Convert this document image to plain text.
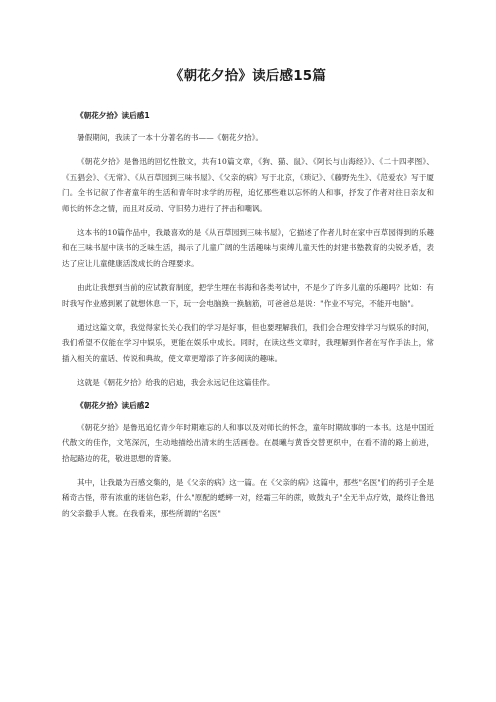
《朝花夕拾》读后感15篇
《朝花夕拾》读后感1

暑假期间，我读了一本十分著名的书——《朝花夕拾》。

《朝花夕拾》是鲁迅的回忆性散文，共有10篇文章，《狗、猫、鼠》、《阿长与山海经》》、《二十四孝图》、《五猖会》、《无常》、《从百草园到三味书屋》、《父亲的病》写于北京，《琐记》、《藤野先生》、《范爱农》写于厦门。全书记叙了作者童年的生活和青年时求学的历程，追忆那些难以忘怀的人和事，抒发了作者对往日亲友和师长的怀念之情，而且对反动、守旧势力进行了抨击和嘲讽。

这本书的10篇作品中，我最喜欢的是《从百草园到三味书屋》，它描述了作者儿时在家中百草园得到的乐趣和在三味书屋中读书的乏味生活，揭示了儿童广阔的生活趣味与束缚儿童天性的封建书塾教育的尖锐矛盾，表达了应让儿童健康活泼成长的合理要求。

由此让我想到当前的应试教育制度，把学生埋在书海和各类考试中，不是少了许多儿童的乐趣吗？比如：有时我写作业感到累了就想休息一下，玩一会电脑换一换脑筋，可爸爸总是说："作业不写完，不能开电脑"。

通过这篇文章，我觉得家长关心我们的学习是好事，但也要理解我们，我们会合理安排学习与娱乐的时间，我们希望不仅能在学习中娱乐，更能在娱乐中成长。同时，在读这些文章时，我理解到作者在写作手法上，常插入相关的童话、传说和典故，使文章更增添了许多阅读的趣味。

这就是《朝花夕拾》给我的启迪，我会永远记住这篇佳作。

《朝花夕拾》读后感2

《朝花夕拾》是鲁迅追忆青少年时期难忘的人和事以及对师长的怀念，童年时期故事的一本书。这是中国近代散文的佳作，文笔深沉，生动地描绘出清末的生活画卷。在晨曦与黄昏交替更织中，在看不清的路上前进，拾起路边的花，敬进思想的背篓。

其中，让我最为百感交集的，是《父亲的病》这一篇。在《父亲的病》这篇中，那些"名医"们的药引子全是稀奇古怪，带有浓重的迷信色彩，什么"原配的蟋蟀一对，经霜三年的蔗，败鼓丸子"全无半点疗效，最终让鲁迅的父亲撒手人寰。在我看来，那些所谓的"名医"
